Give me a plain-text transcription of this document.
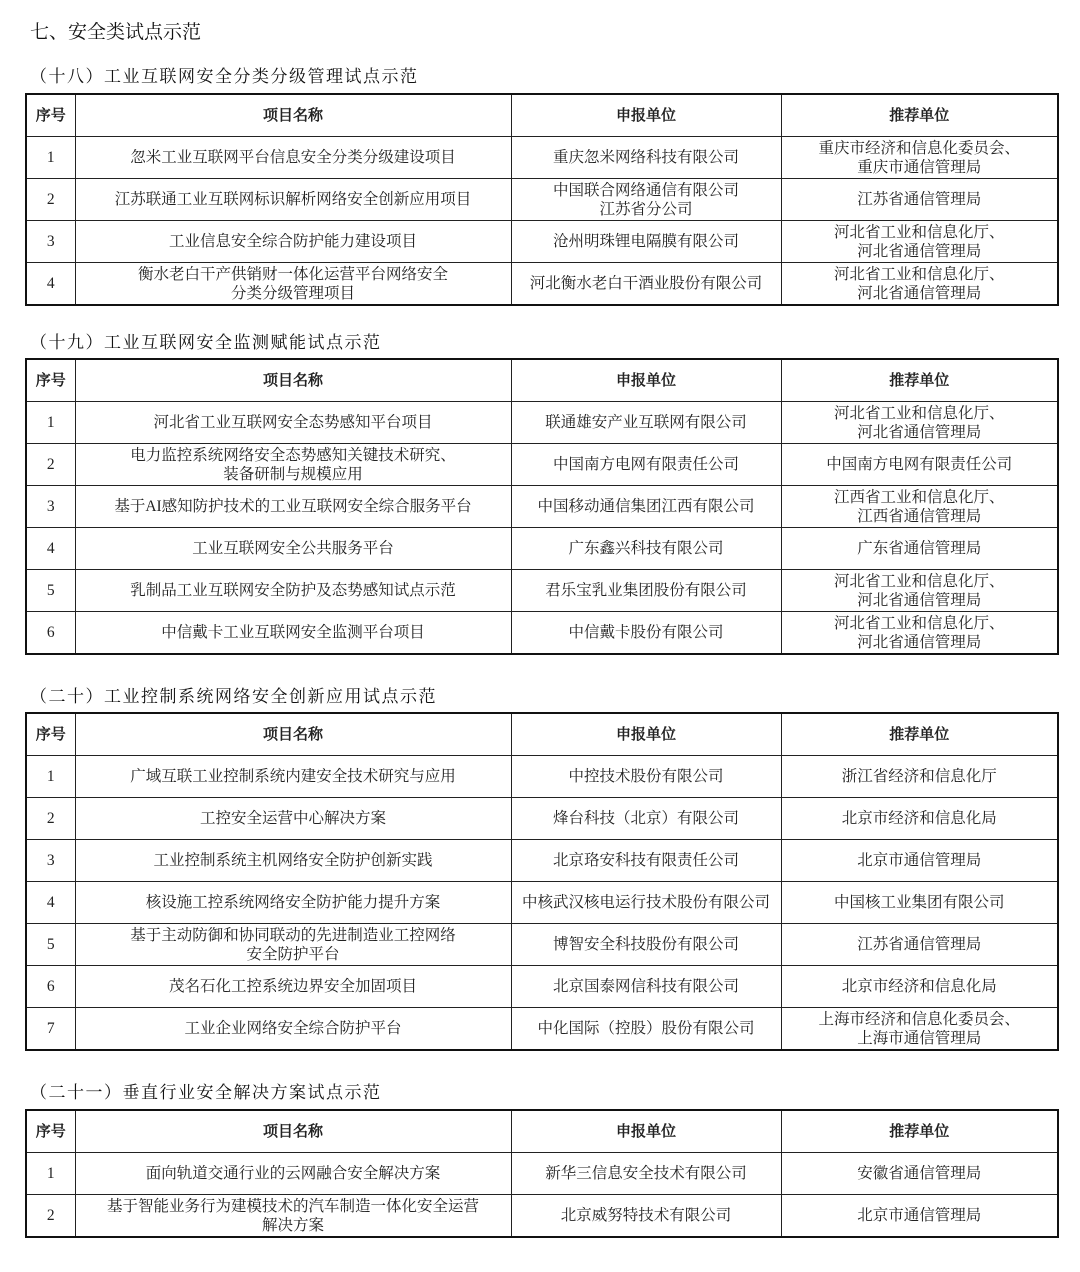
七、安全类试点示范
（十八）工业互联网安全分类分级管理试点示范
序号	项目名称	申报单位	推荐单位
1	忽米工业互联网平台信息安全分类分级建设项目	重庆忽米网络科技有限公司	重庆市经济和信息化委员会、
重庆市通信管理局

2	江苏联通工业互联网标识解析网络安全创新应用项目	中国联合网络通信有限公司
江苏省分公司	江苏省通信管理局

3	工业信息安全综合防护能力建设项目	沧州明珠锂电隔膜有限公司	河北省工业和信息化厅、
河北省通信管理局

4	衡水老白干产供销财一体化运营平台网络安全
分类分级管理项目	河北衡水老白干酒业股份有限公司	河北省工业和信息化厅、
河北省通信管理局
（十九）工业互联网安全监测赋能试点示范
序号	项目名称	申报单位	推荐单位
1	河北省工业互联网安全态势感知平台项目	联通雄安产业互联网有限公司	河北省工业和信息化厅、
河北省通信管理局

2	电力监控系统网络安全态势感知关键技术研究、
装备研制与规模应用	中国南方电网有限责任公司	中国南方电网有限责任公司

3	基于AI感知防护技术的工业互联网安全综合服务平台	中国移动通信集团江西有限公司	江西省工业和信息化厅、
江西省通信管理局

4	工业互联网安全公共服务平台	广东鑫兴科技有限公司	广东省通信管理局

5	乳制品工业互联网安全防护及态势感知试点示范	君乐宝乳业集团股份有限公司	河北省工业和信息化厅、
河北省通信管理局

6	中信戴卡工业互联网安全监测平台项目	中信戴卡股份有限公司	河北省工业和信息化厅、
河北省通信管理局
（二十）工业控制系统网络安全创新应用试点示范
序号	项目名称	申报单位	推荐单位
1	广域互联工业控制系统内建安全技术研究与应用	中控技术股份有限公司	浙江省经济和信息化厅

2	工控安全运营中心解决方案	烽台科技（北京）有限公司	北京市经济和信息化局

3	工业控制系统主机网络安全防护创新实践	北京珞安科技有限责任公司	北京市通信管理局

4	核设施工控系统网络安全防护能力提升方案	中核武汉核电运行技术股份有限公司	中国核工业集团有限公司

5	基于主动防御和协同联动的先进制造业工控网络
安全防护平台	博智安全科技股份有限公司	江苏省通信管理局

6	茂名石化工控系统边界安全加固项目	北京国泰网信科技有限公司	北京市经济和信息化局

7	工业企业网络安全综合防护平台	中化国际（控股）股份有限公司	上海市经济和信息化委员会、
上海市通信管理局
（二十一）垂直行业安全解决方案试点示范
序号	项目名称	申报单位	推荐单位
1	面向轨道交通行业的云网融合安全解决方案	新华三信息安全技术有限公司	安徽省通信管理局

2	基于智能业务行为建模技术的汽车制造一体化安全运营
解决方案	北京威努特技术有限公司	北京市通信管理局
